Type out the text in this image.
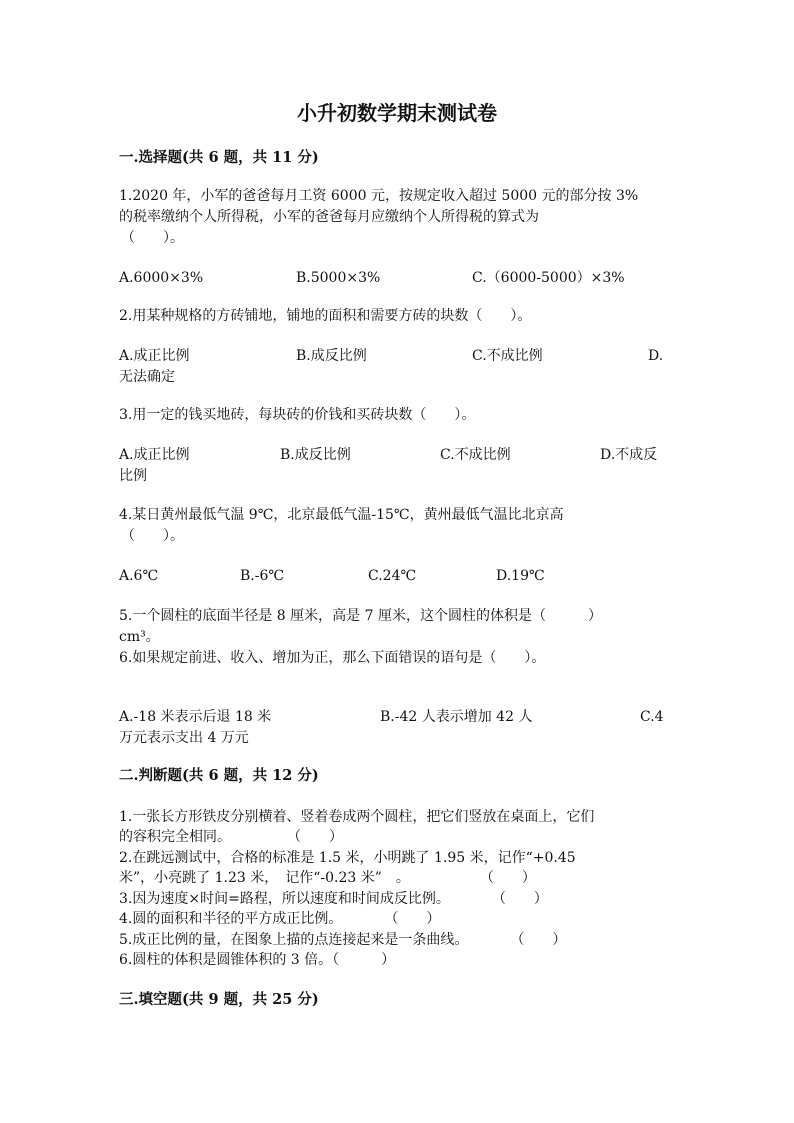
小升初数学期末测试卷
一.选择题(共 6 题，共 11 分)
1.2020 年，小军的爸爸每月工资 6000 元，按规定收入超过 5000 元的部分按 3%
的税率缴纳个人所得税，小军的爸爸每月应缴纳个人所得税的算式为
（　　）。
A.6000×3%	B.5000×3%	C.（6000-5000）×3%
2.用某种规格的方砖铺地，铺地的面积和需要方砖的块数（　　）。
A.成正比例	B.成反比例	C.不成比例	D.
无法确定
3.用一定的钱买地砖，每块砖的价钱和买砖块数（　　）。
A.成正比例	B.成反比例	C.不成比例	D.不成反
比例
4.某日黄州最低气温 9℃，北京最低气温-15℃，黄州最低气温比北京高
（　　）。
A.6℃	B.-6℃	C.24℃	D.19℃
5.一个圆柱的底面半径是 8 厘米，高是 7 厘米，这个圆柱的体积是（　　　）
cm³。
6.如果规定前进、收入、增加为正，那么下面错误的语句是（　　）。
A.-18 米表示后退 18 米	B.-42 人表示增加 42 人	C.4
万元表示支出 4 万元
二.判断题(共 6 题，共 12 分)
1.一张长方形铁皮分别横着、竖着卷成两个圆柱，把它们竖放在桌面上，它们
的容积完全相同。　　　　　（　　）
2.在跳远测试中，合格的标准是 1.5 米，小明跳了 1.95 米，记作“+0.45
米”，小亮跳了 1.23 米，　记作“-0.23 米”　。　　　　　　（　　）
3.因为速度×时间=路程，所以速度和时间成反比例。　　　　（　　）
4.圆的面积和半径的平方成正比例。　　　　（　　）
5.成正比例的量，在图象上描的点连接起来是一条曲线。　　　　（　　）
6.圆柱的体积是圆锥体积的 3 倍。（　　　）
三.填空题(共 9 题，共 25 分)
